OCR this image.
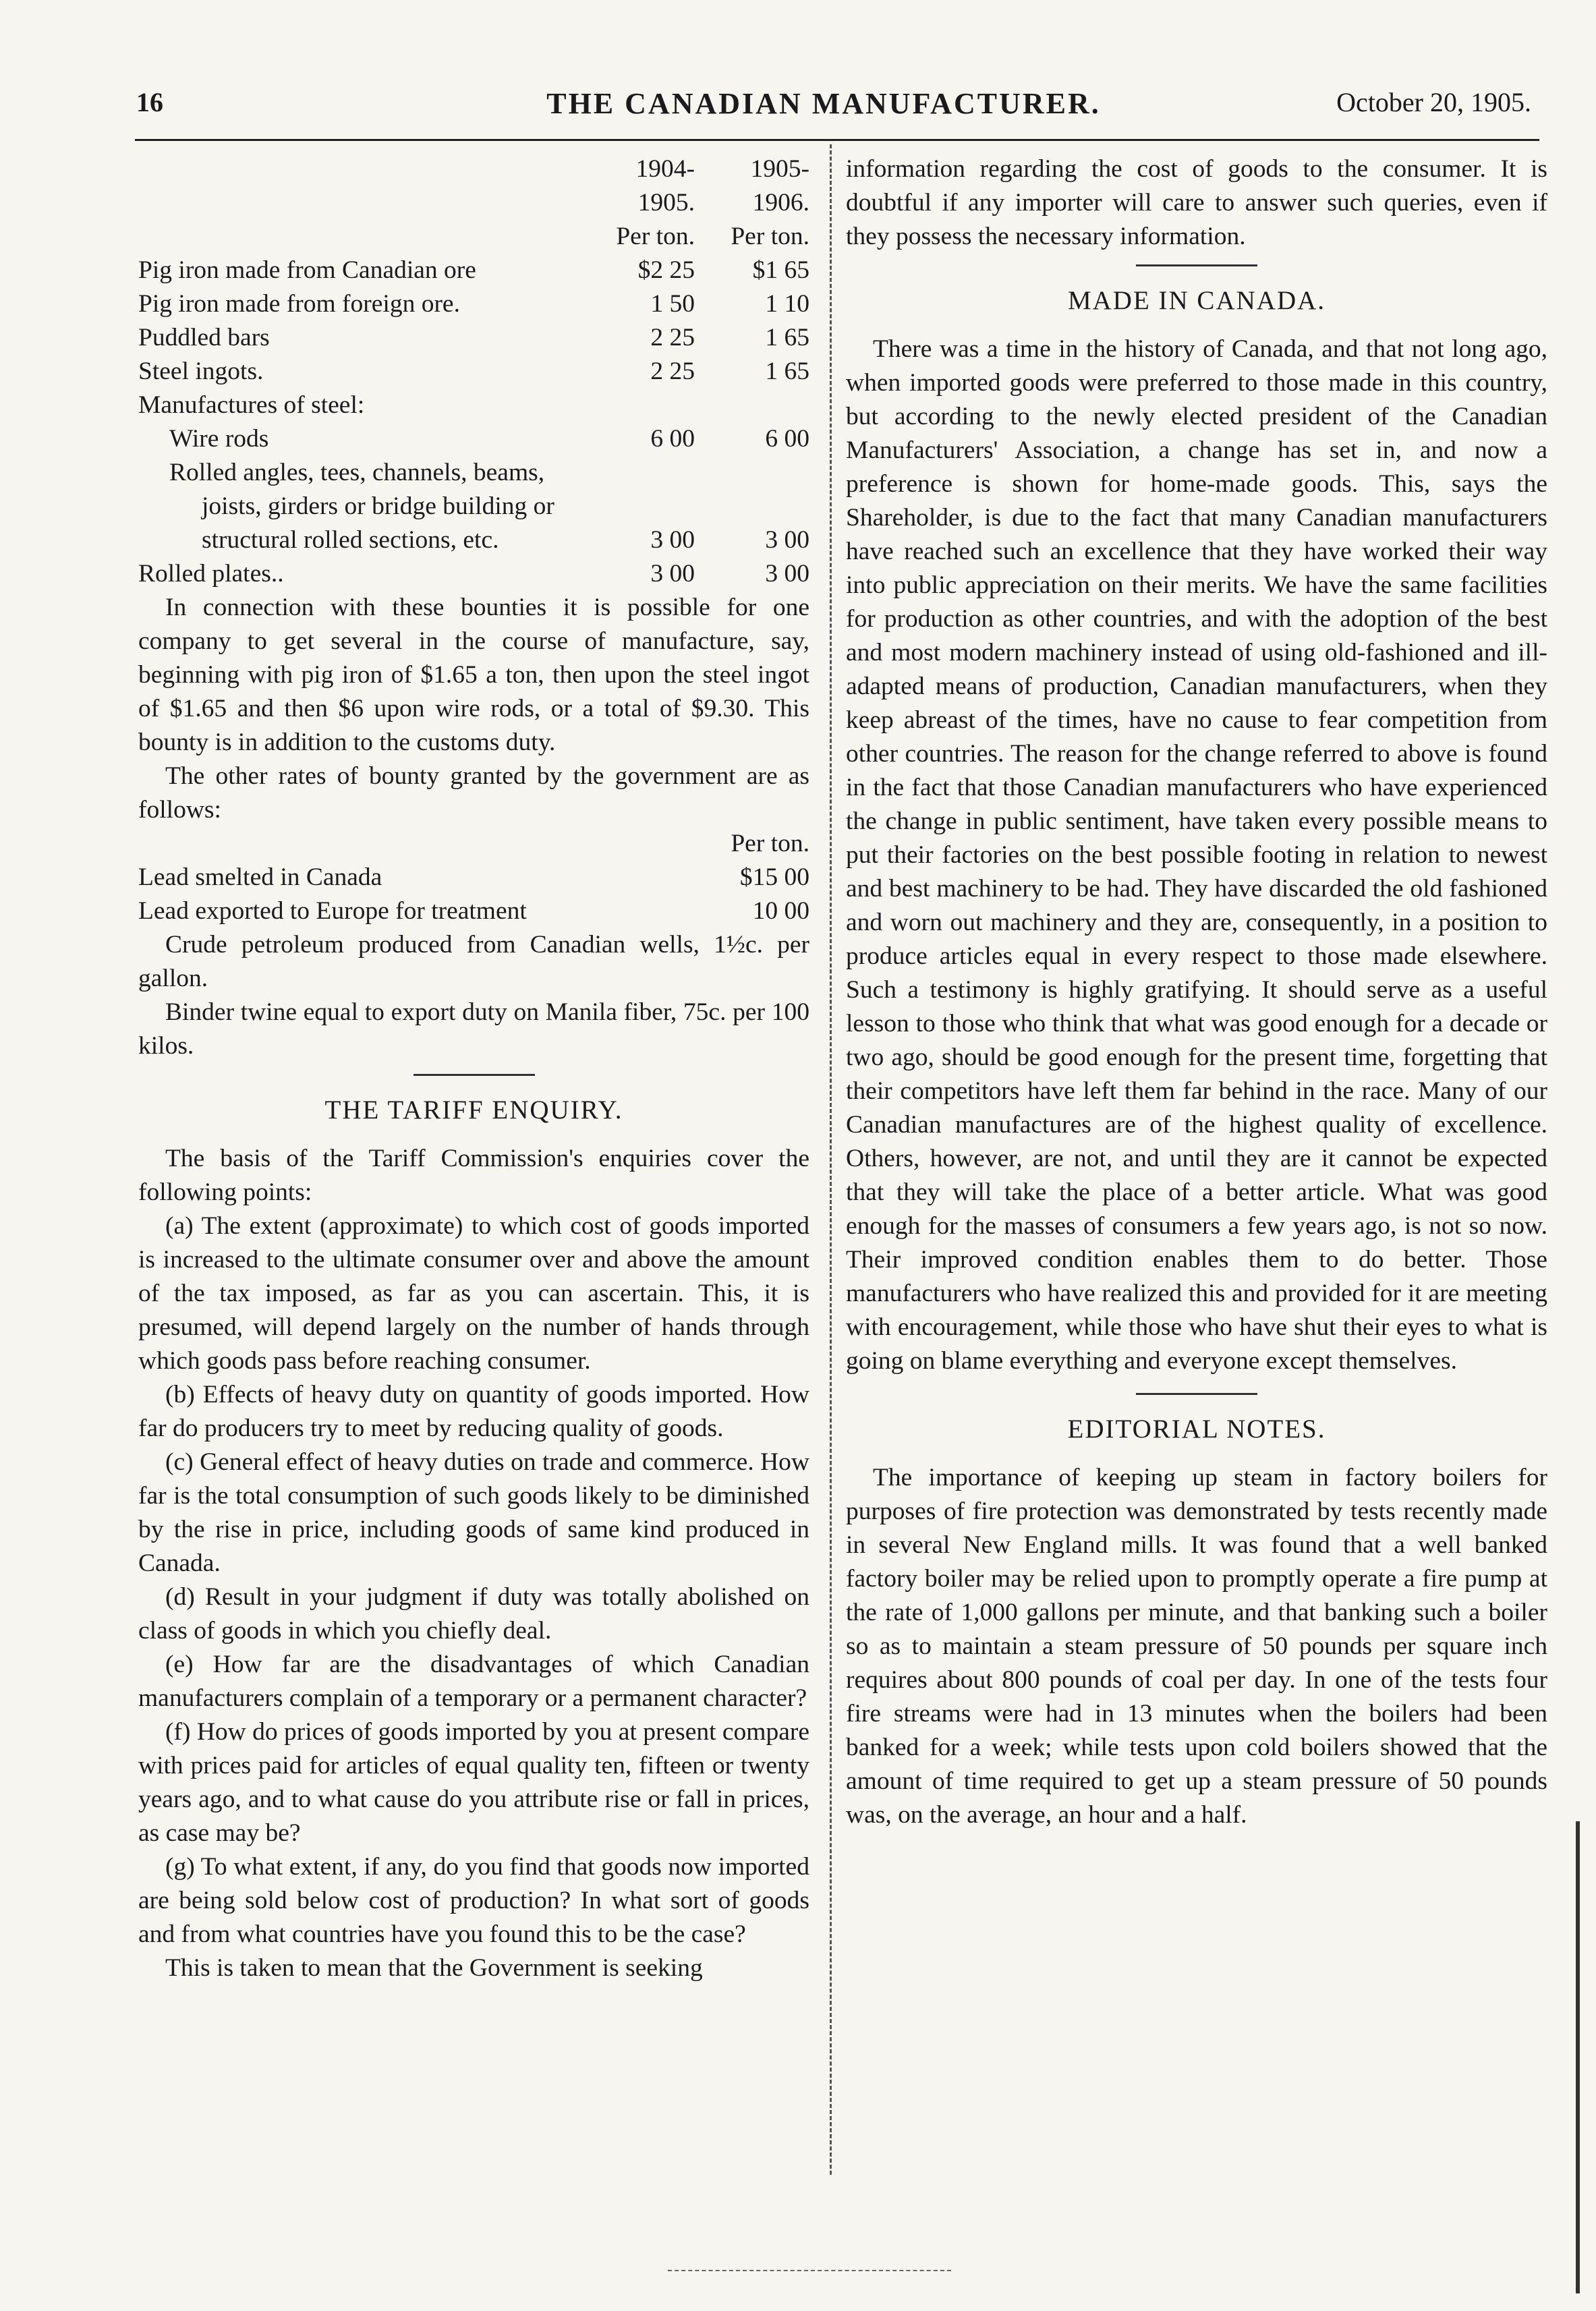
16	THE CANADIAN MANUFACTURER.	October 20, 1905.
	1904-	1905-
	1905.	1906.
	Per ton.	Per ton.
Pig iron made from Canadian ore	$2 25	$1 65
Pig iron made from foreign ore.	1 50	1 10
Puddled bars	2 25	1 65
Steel ingots.	2 25	1 65
Manufactures of steel:		
Wire rods	6 00	6 00
Rolled angles, tees, channels, beams,		
joists, girders or bridge building or		
structural rolled sections, etc.	3 00	3 00
Rolled plates..	3 00	3 00

In connection with these bounties it is possible for one company to get several in the course of manufacture, say, beginning with pig iron of $1.65 a ton, then upon the steel ingot of $1.65 and then $6 upon wire rods, or a total of $9.30. This bounty is in addition to the customs duty.

The other rates of bounty granted by the government are as follows:

Per ton.
Lead smelted in Canada	$15 00
Lead exported to Europe for treatment	10 00

Crude petroleum produced from Canadian wells, 1½c. per gallon.

Binder twine equal to export duty on Manila fiber, 75c. per 100 kilos.

THE TARIFF ENQUIRY.

The basis of the Tariff Commission's enquiries cover the following points:

(a) The extent (approximate) to which cost of goods imported is increased to the ultimate consumer over and above the amount of the tax imposed, as far as you can ascertain. This, it is presumed, will depend largely on the number of hands through which goods pass before reaching consumer.

(b) Effects of heavy duty on quantity of goods imported. How far do producers try to meet by reducing quality of goods.

(c) General effect of heavy duties on trade and commerce. How far is the total consumption of such goods likely to be diminished by the rise in price, including goods of same kind produced in Canada.

(d) Result in your judgment if duty was totally abolished on class of goods in which you chiefly deal.

(e) How far are the disadvantages of which Canadian manufacturers complain of a temporary or a permanent character?

(f) How do prices of goods imported by you at present compare with prices paid for articles of equal quality ten, fifteen or twenty years ago, and to what cause do you attribute rise or fall in prices, as case may be?

(g) To what extent, if any, do you find that goods now imported are being sold below cost of production? In what sort of goods and from what countries have you found this to be the case?

This is taken to mean that the Government is seeking

information regarding the cost of goods to the consumer. It is doubtful if any importer will care to answer such queries, even if they possess the necessary information.

MADE IN CANADA.

There was a time in the history of Canada, and that not long ago, when imported goods were preferred to those made in this country, but according to the newly elected president of the Canadian Manufacturers' Association, a change has set in, and now a preference is shown for home-made goods. This, says the Shareholder, is due to the fact that many Canadian manufacturers have reached such an excellence that they have worked their way into public appreciation on their merits. We have the same facilities for production as other countries, and with the adoption of the best and most modern machinery instead of using old-fashioned and ill-adapted means of production, Canadian manufacturers, when they keep abreast of the times, have no cause to fear competition from other countries. The reason for the change referred to above is found in the fact that those Canadian manufacturers who have experienced the change in public sentiment, have taken every possible means to put their factories on the best possible footing in relation to newest and best machinery to be had. They have discarded the old fashioned and worn out machinery and they are, consequently, in a position to produce articles equal in every respect to those made elsewhere. Such a testimony is highly gratifying. It should serve as a useful lesson to those who think that what was good enough for a decade or two ago, should be good enough for the present time, forgetting that their competitors have left them far behind in the race. Many of our Canadian manufactures are of the highest quality of excellence. Others, however, are not, and until they are it cannot be expected that they will take the place of a better article. What was good enough for the masses of consumers a few years ago, is not so now. Their improved condition enables them to do better. Those manufacturers who have realized this and provided for it are meeting with encouragement, while those who have shut their eyes to what is going on blame everything and everyone except themselves.

EDITORIAL NOTES.

The importance of keeping up steam in factory boilers for purposes of fire protection was demonstrated by tests recently made in several New England mills. It was found that a well banked factory boiler may be relied upon to promptly operate a fire pump at the rate of 1,000 gallons per minute, and that banking such a boiler so as to maintain a steam pressure of 50 pounds per square inch requires about 800 pounds of coal per day. In one of the tests four fire streams were had in 13 minutes when the boilers had been banked for a week; while tests upon cold boilers showed that the amount of time required to get up a steam pressure of 50 pounds was, on the average, an hour and a half.
